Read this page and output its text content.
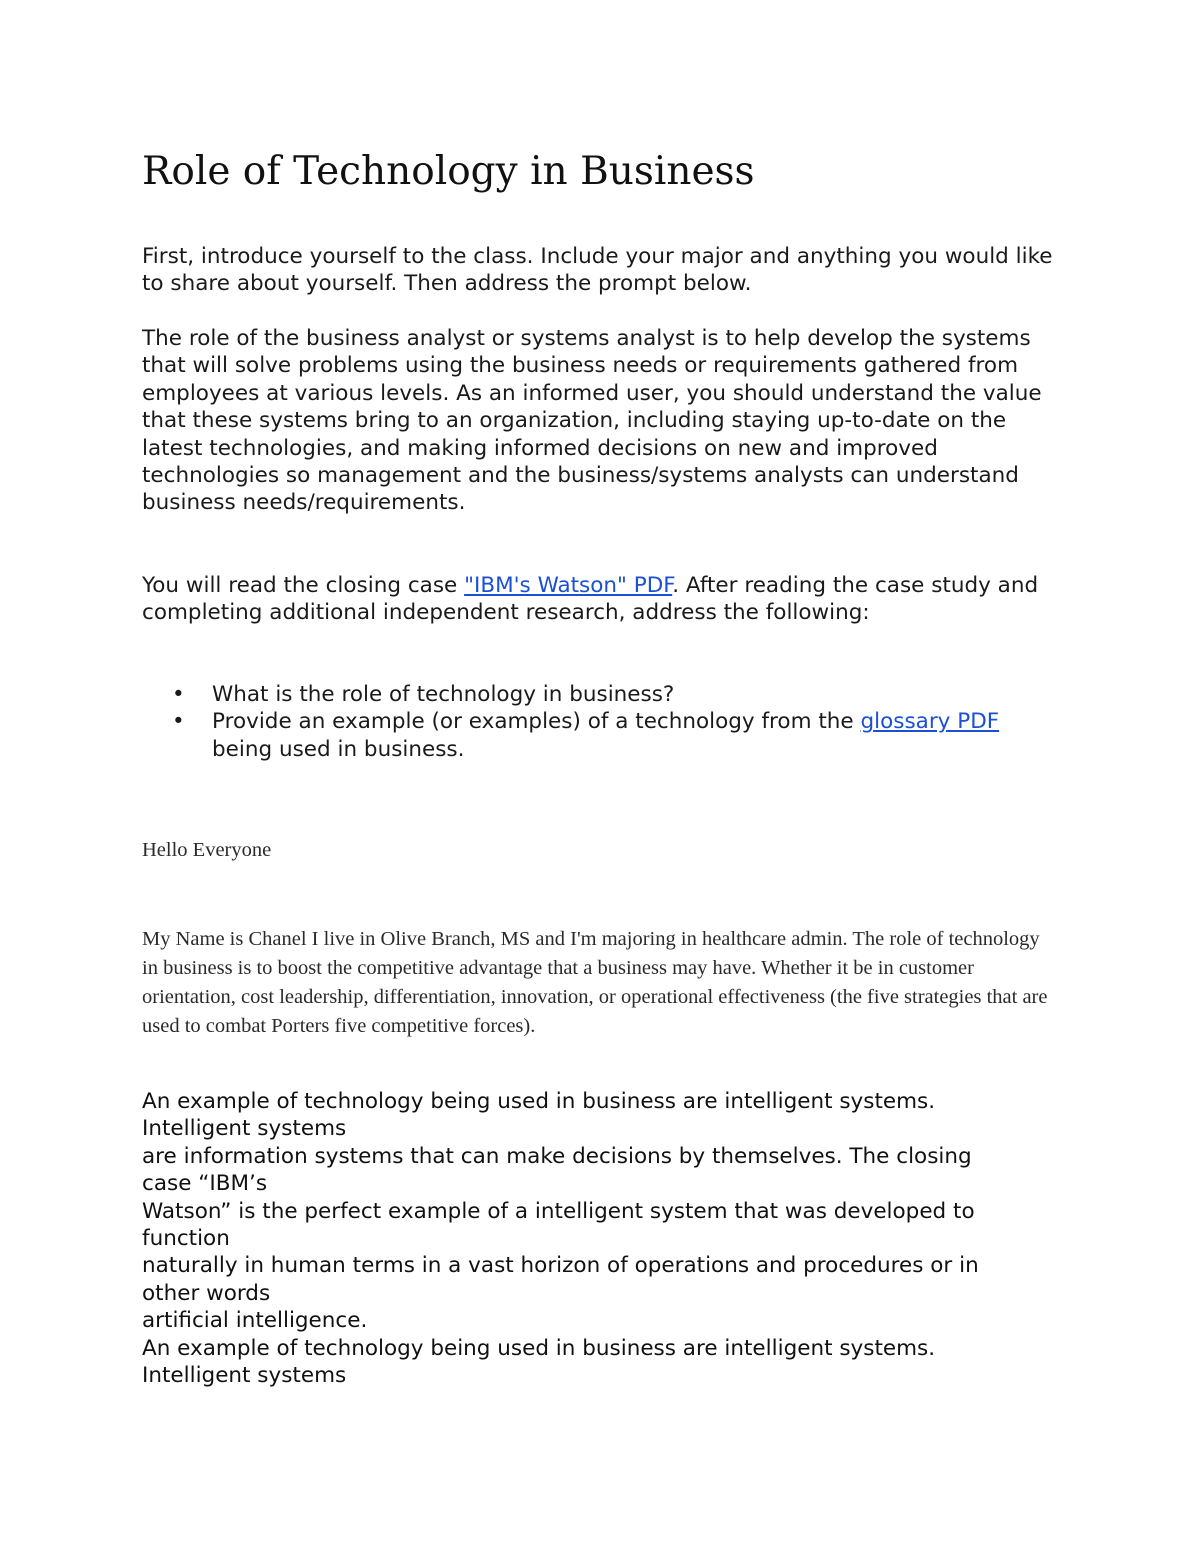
Role of Technology in Business

First, introduce yourself to the class. Include your major and anything you would like to share about yourself. Then address the prompt below.

The role of the business analyst or systems analyst is to help develop the systems that will solve problems using the business needs or requirements gathered from employees at various levels. As an informed user, you should understand the value that these systems bring to an organization, including staying up-to-date on the latest technologies, and making informed decisions on new and improved technologies so management and the business/systems analysts can understand business needs/requirements.

You will read the closing case "IBM's Watson" PDF. After reading the case study and completing additional independent research, address the following:

• What is the role of technology in business?
• Provide an example (or examples) of a technology from the glossary PDF being used in business.

Hello Everyone

My Name is Chanel I live in Olive Branch, MS and I'm majoring in healthcare admin. The role of technology in business is to boost the competitive advantage that a business may have. Whether it be in customer orientation, cost leadership, differentiation, innovation, or operational effectiveness (the five strategies that are used to combat Porters five competitive forces).

An example of technology being used in business are intelligent systems.
Intelligent systems
are information systems that can make decisions by themselves. The closing
case “IBM’s
Watson” is the perfect example of a intelligent system that was developed to
function
naturally in human terms in a vast horizon of operations and procedures or in
other words
artificial intelligence.
An example of technology being used in business are intelligent systems.
Intelligent systems
